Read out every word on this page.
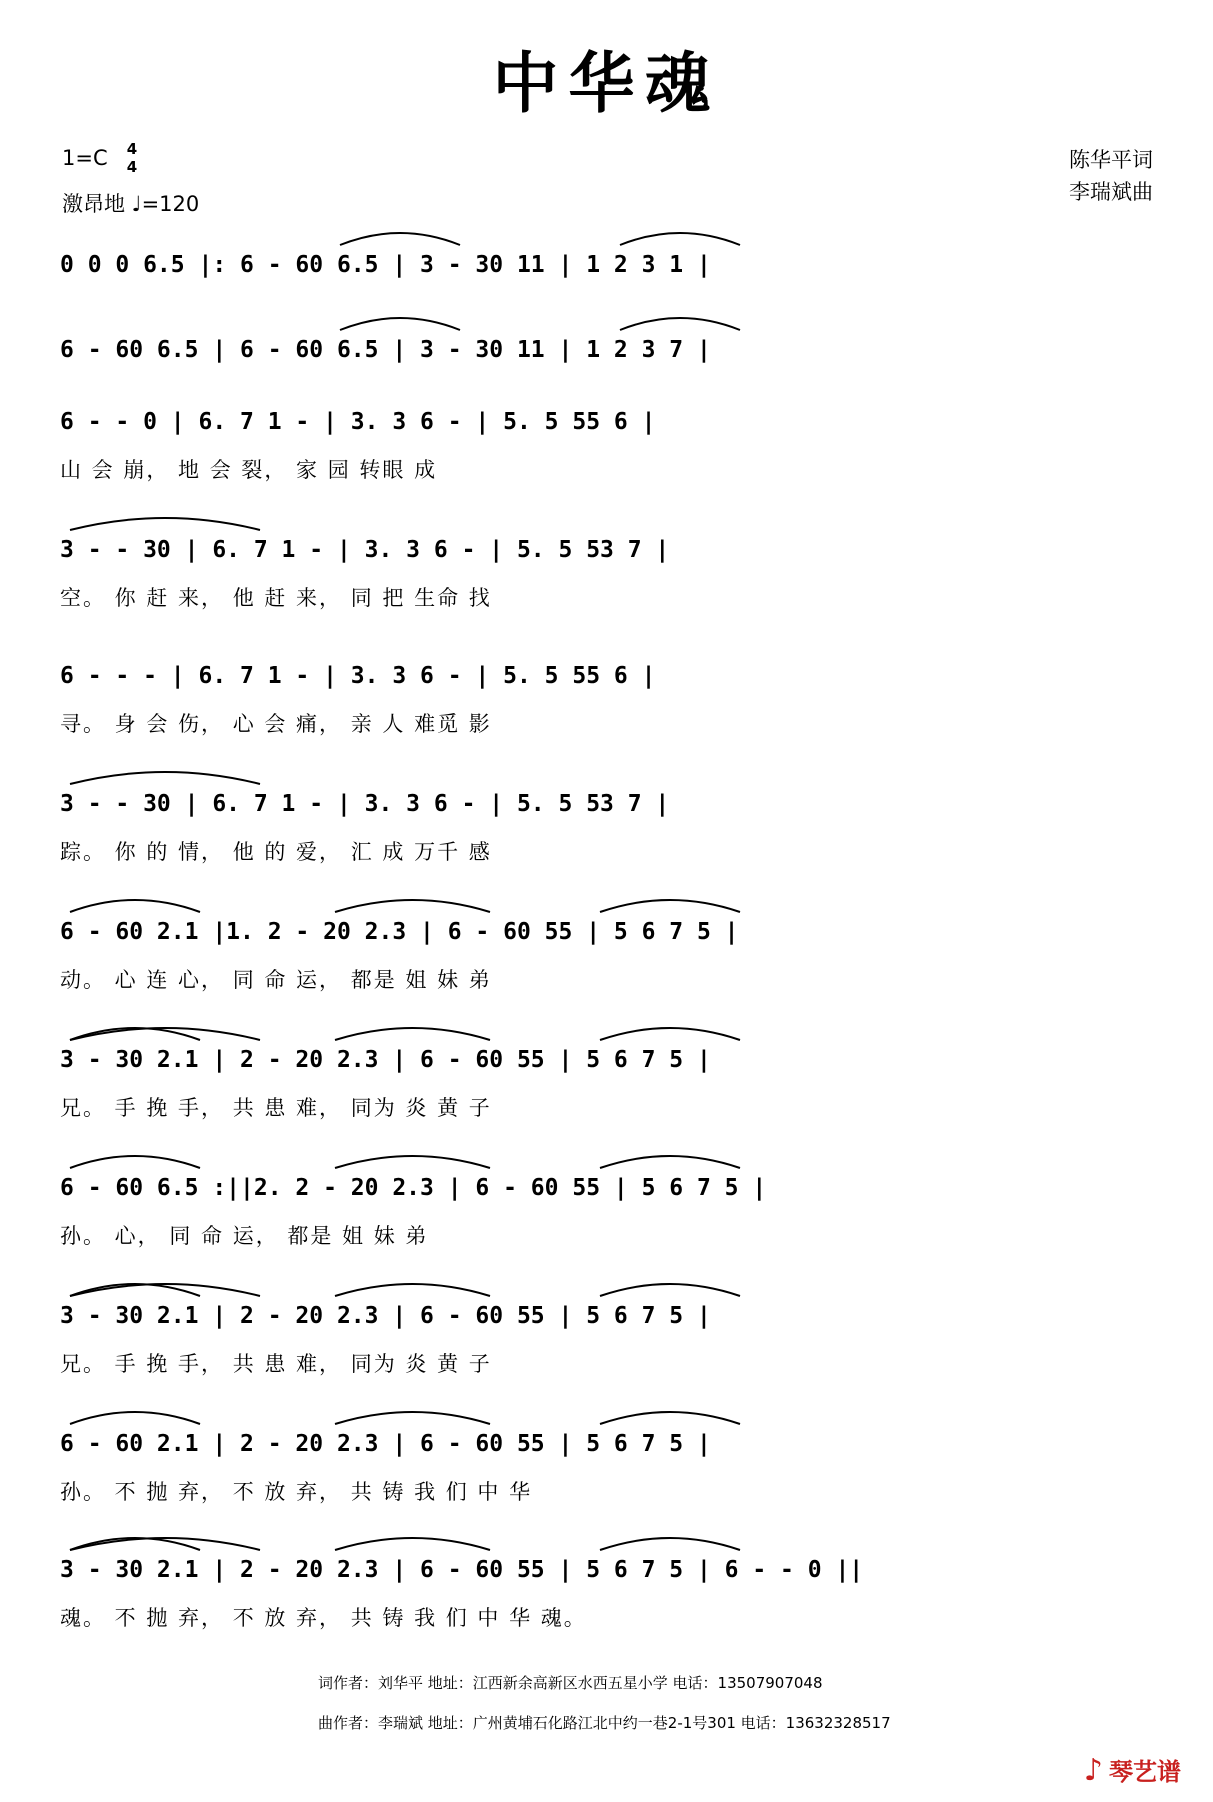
中华魂
1=C	4
4
激昂地 ♩=120
陈华平词
李瑞斌曲
0 0 0 6.5 |: 6 - 60 6.5 | 3 - 30 11 | 1 2 3 1 |
6 - 60 6.5 | 6 - 60 6.5 | 3 - 30 11 | 1 2 3 7 |
6 - - 0 | 6. 7 1 - | 3. 3 6 - | 5. 5 55 6 |
山 会 崩， 地 会 裂， 家 园 转眼 成
3 - - 30 | 6. 7 1 - | 3. 3 6 - | 5. 5 53 7 |
空。 你 赶 来， 他 赶 来， 同 把 生命 找
6 - - - | 6. 7 1 - | 3. 3 6 - | 5. 5 55 6 |
寻。 身 会 伤， 心 会 痛， 亲 人 难觅 影
3 - - 30 | 6. 7 1 - | 3. 3 6 - | 5. 5 53 7 |
踪。 你 的 情， 他 的 爱， 汇 成 万千 感
6 - 60 2.1 |1. 2 - 20 2.3 | 6 - 60 55 | 5 6 7 5 |
动。 心 连 心， 同 命 运， 都是 姐 妹 弟
3 - 30 2.1 | 2 - 20 2.3 | 6 - 60 55 | 5 6 7 5 |
兄。 手 挽 手， 共 患 难， 同为 炎 黄 子
6 - 60 6.5 :||2. 2 - 20 2.3 | 6 - 60 55 | 5 6 7 5 |
孙。 心， 同 命 运， 都是 姐 妹 弟
3 - 30 2.1 | 2 - 20 2.3 | 6 - 60 55 | 5 6 7 5 |
兄。 手 挽 手， 共 患 难， 同为 炎 黄 子
6 - 60 2.1 | 2 - 20 2.3 | 6 - 60 55 | 5 6 7 5 |
孙。 不 抛 弃， 不 放 弃， 共 铸 我 们 中 华
3 - 30 2.1 | 2 - 20 2.3 | 6 - 60 55 | 5 6 7 5 | 6 - - 0 ||
魂。 不 抛 弃， 不 放 弃， 共 铸 我 们 中 华 魂。
词作者：刘华平 地址：江西新余高新区水西五星小学 电话：13507907048
曲作者：李瑞斌 地址：广州黄埔石化路江北中约一巷2-1号301 电话：13632328517
♪ 琴艺谱
